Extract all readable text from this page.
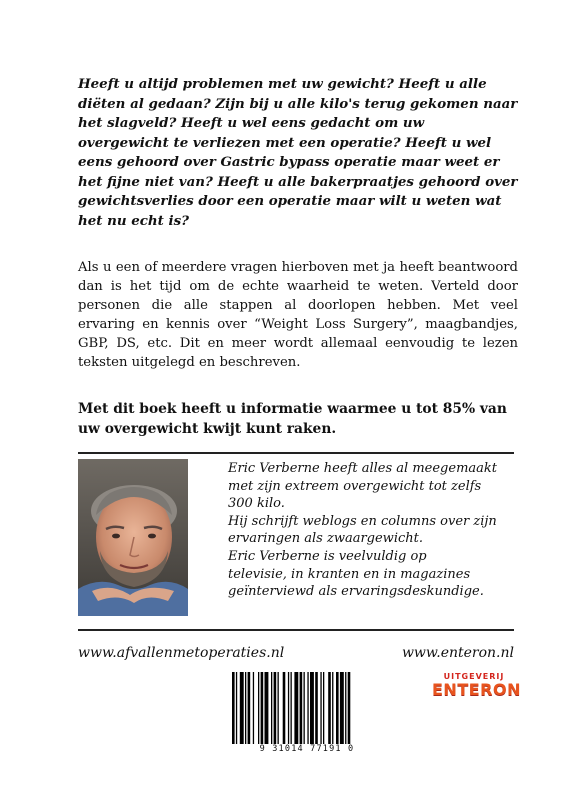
Heeft u altijd problemen met uw gewicht? Heeft u alle diëten al gedaan? Zijn bij u alle kilo's terug gekomen naar het slagveld? Heeft u wel eens gedacht om uw overgewicht te verliezen met een operatie? Heeft u wel eens gehoord over Gastric bypass operatie maar weet er het fijne niet van? Heeft u alle bakerpraatjes gehoord over gewichtsverlies door een operatie maar wilt u weten wat het nu echt is?

Als u een of meerdere vragen hierboven met ja heeft beantwoord dan is het tijd om de echte waarheid te weten. Verteld door personen die alle stappen al doorlopen hebben. Met veel ervaring en kennis over “Weight Loss Surgery”, maagbandjes, GBP, DS, etc. Dit en meer wordt allemaal eenvoudig te lezen teksten uitgelegd en beschreven.

Met dit boek heeft u informatie waarmee u tot 85% van uw overgewicht kwijt kunt raken.

Eric Verberne heeft alles al meegemaakt
met zijn extreem overgewicht tot zelfs
300 kilo.
Hij schrijft weblogs en columns over zijn
ervaringen als zwaargewicht.
Eric Verberne is veelvuldig op
televisie, in kranten en in magazines
geïnterviewd als ervaringsdeskundige.
www.afvallenmetoperaties.nl	www.enteron.nl
9 31014 77191 0
UITGEVERIJ
ENTERON
